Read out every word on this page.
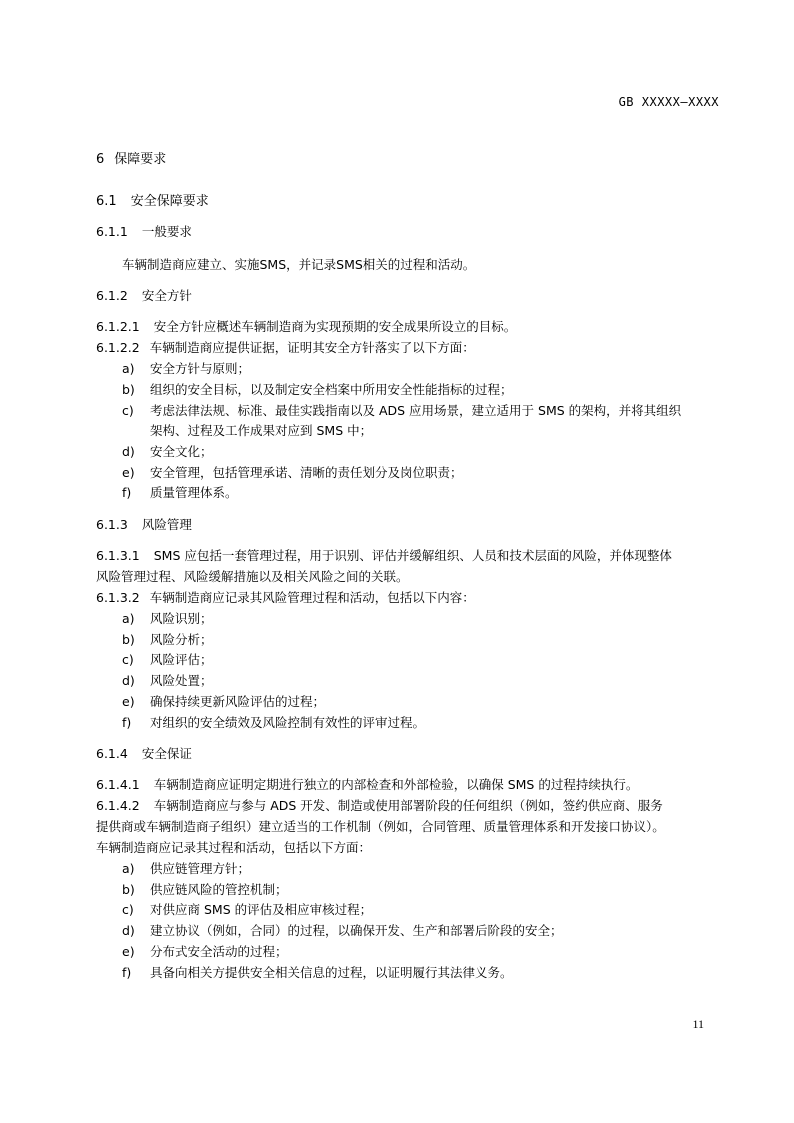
GB XXXXX—XXXX
6 保障要求
6.1 安全保障要求
6.1.1 一般要求
车辆制造商应建立、实施SMS，并记录SMS相关的过程和活动。
6.1.2 安全方针
6.1.2.1 安全方针应概述车辆制造商为实现预期的安全成果所设立的目标。
6.1.2.2 车辆制造商应提供证据，证明其安全方针落实了以下方面：
a) 安全方针与原则；
b) 组织的安全目标，以及制定安全档案中所用安全性能指标的过程；
c) 考虑法律法规、标准、最佳实践指南以及 ADS 应用场景，建立适用于 SMS 的架构，并将其组织
架构、过程及工作成果对应到 SMS 中；
d) 安全文化；
e) 安全管理，包括管理承诺、清晰的责任划分及岗位职责；
f) 质量管理体系。
6.1.3 风险管理
6.1.3.1 SMS 应包括一套管理过程，用于识别、评估并缓解组织、人员和技术层面的风险，并体现整体
风险管理过程、风险缓解措施以及相关风险之间的关联。
6.1.3.2 车辆制造商应记录其风险管理过程和活动，包括以下内容：
a) 风险识别；
b) 风险分析；
c) 风险评估；
d) 风险处置；
e) 确保持续更新风险评估的过程；
f) 对组织的安全绩效及风险控制有效性的评审过程。
6.1.4 安全保证
6.1.4.1 车辆制造商应证明定期进行独立的内部检查和外部检验，以确保 SMS 的过程持续执行。
6.1.4.2 车辆制造商应与参与 ADS 开发、制造或使用部署阶段的任何组织（例如，签约供应商、服务
提供商或车辆制造商子组织）建立适当的工作机制（例如，合同管理、质量管理体系和开发接口协议）。
车辆制造商应记录其过程和活动，包括以下方面：
a) 供应链管理方针；
b) 供应链风险的管控机制；
c) 对供应商 SMS 的评估及相应审核过程；
d) 建立协议（例如，合同）的过程，以确保开发、生产和部署后阶段的安全；
e) 分布式安全活动的过程；
f) 具备向相关方提供安全相关信息的过程，以证明履行其法律义务。
11
